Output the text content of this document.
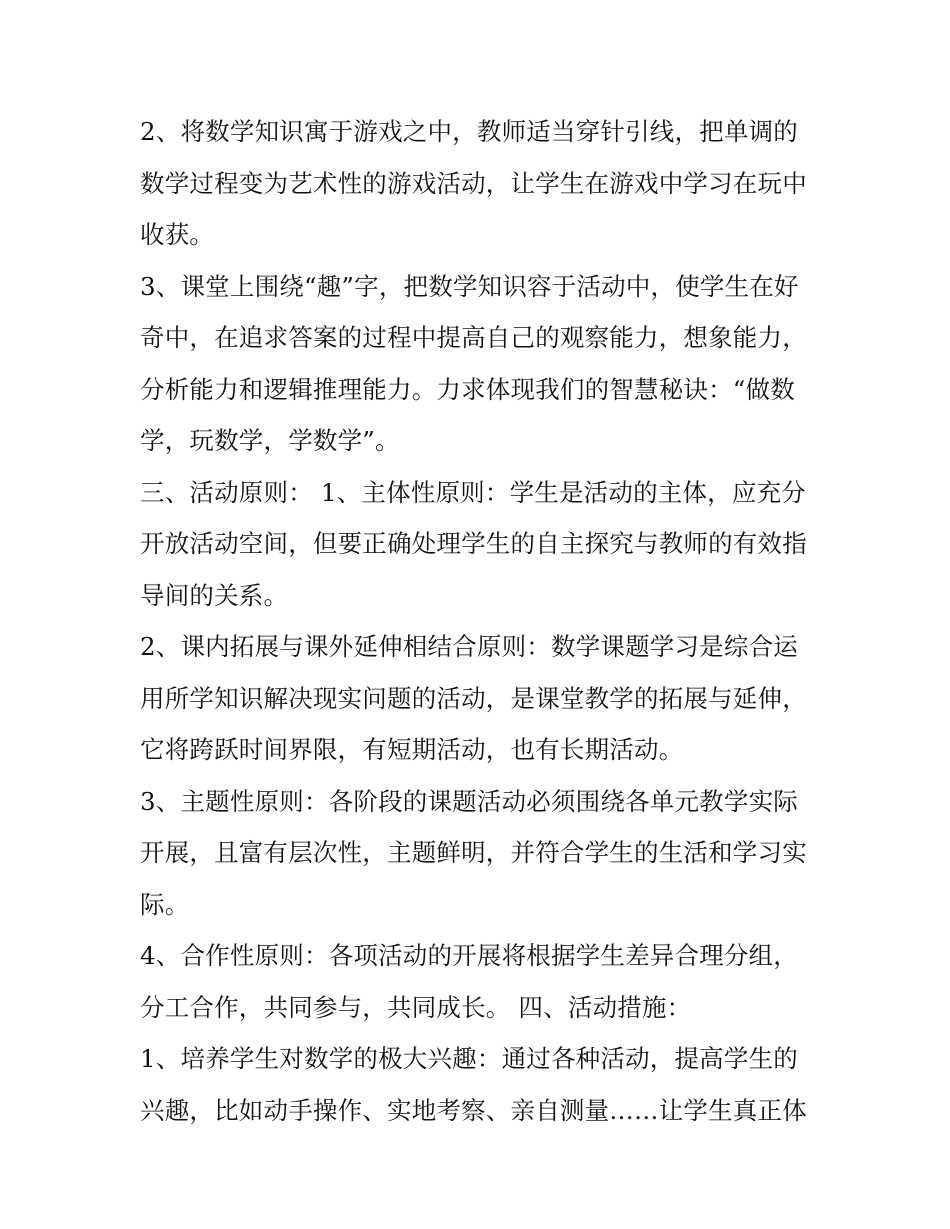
2、将数学知识寓于游戏之中，教师适当穿针引线，把单调的数学过程变为艺术性的游戏活动，让学生在游戏中学习在玩中收获。

3、课堂上围绕“趣”字，把数学知识容于活动中，使学生在好奇中，在追求答案的过程中提高自己的观察能力，想象能力，分析能力和逻辑推理能力。力求体现我们的智慧秘诀：“做数学，玩数学，学数学”。

三、活动原则： 1、主体性原则：学生是活动的主体，应充分开放活动空间，但要正确处理学生的自主探究与教师的有效指导间的关系。

2、课内拓展与课外延伸相结合原则：数学课题学习是综合运用所学知识解决现实问题的活动，是课堂教学的拓展与延伸，它将跨跃时间界限，有短期活动，也有长期活动。

3、主题性原则：各阶段的课题活动必须围绕各单元教学实际开展，且富有层次性，主题鲜明，并符合学生的生活和学习实际。

4、合作性原则：各项活动的开展将根据学生差异合理分组，分工合作，共同参与，共同成长。 四、活动措施：

1、培养学生对数学的极大兴趣：通过各种活动，提高学生的兴趣，比如动手操作、实地考察、亲自测量……让学生真正体
